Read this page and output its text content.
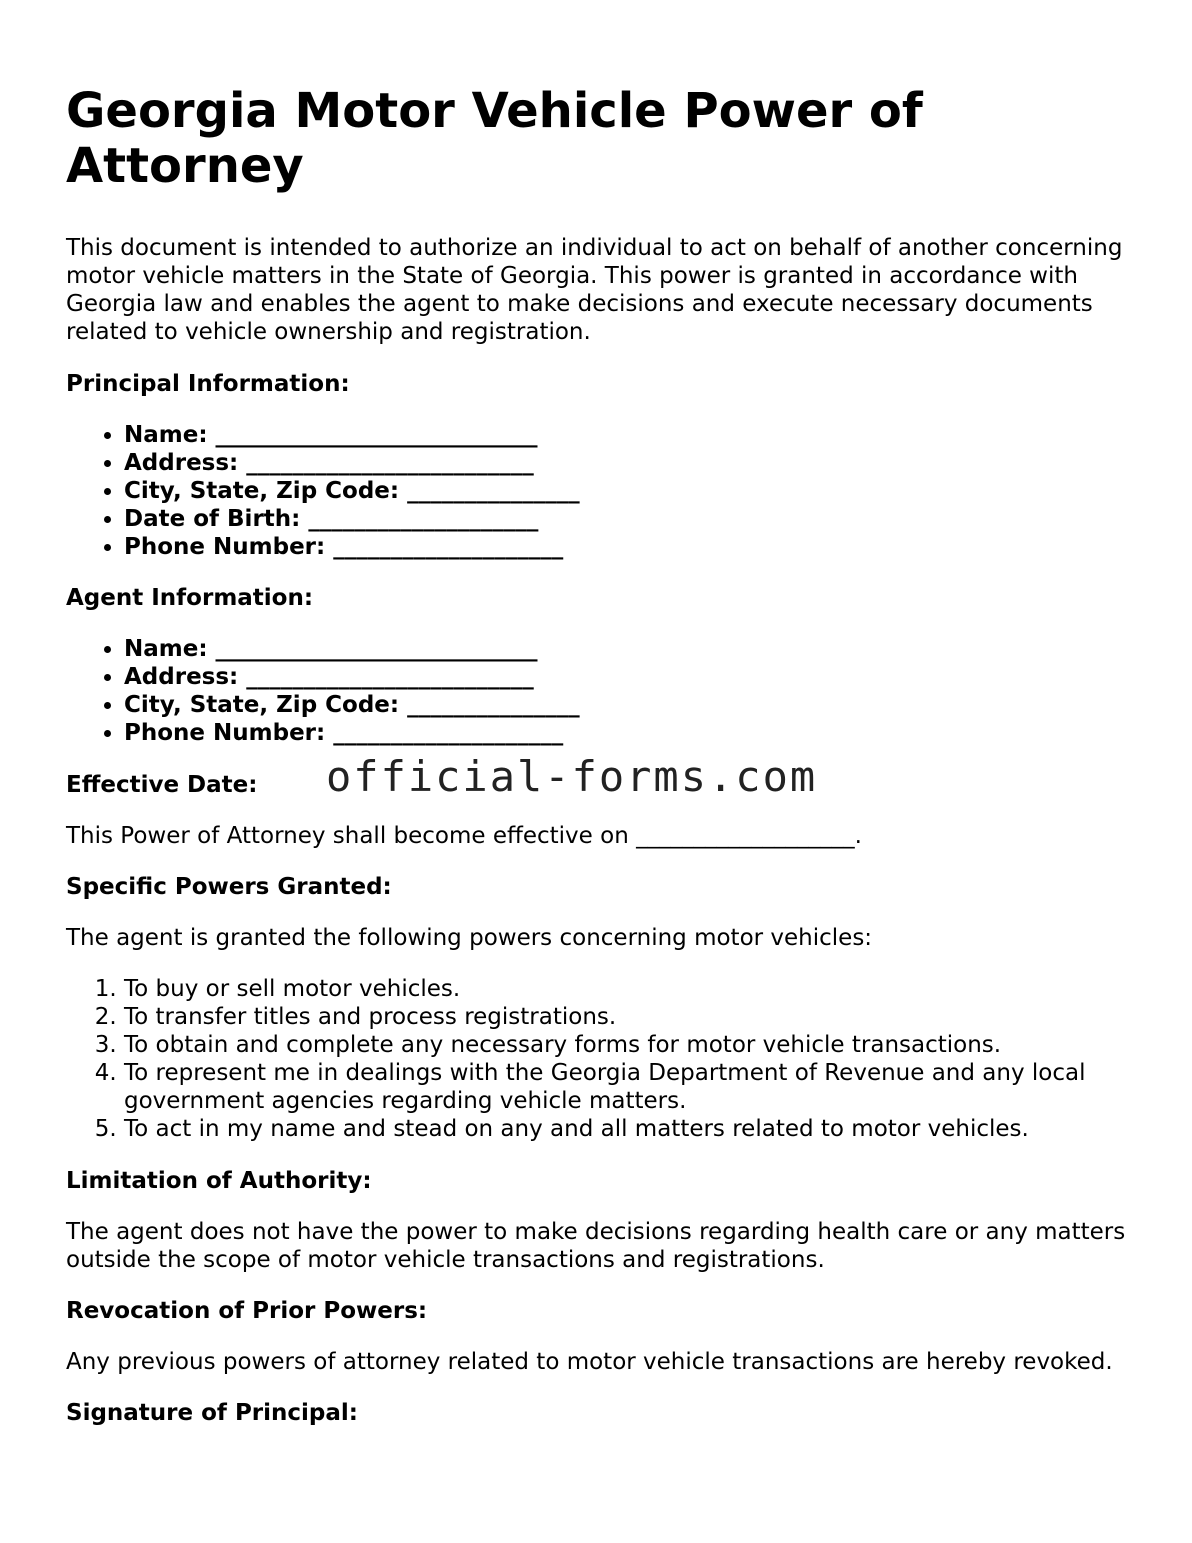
Georgia Motor Vehicle Power of Attorney

This document is intended to authorize an individual to act on behalf of another concerning motor vehicle matters in the State of Georgia. This power is granted in accordance with Georgia law and enables the agent to make decisions and execute necessary documents related to vehicle ownership and registration.

Principal Information:

• Name: ____________________________
• Address: _________________________
• City, State, Zip Code: _______________
• Date of Birth: ____________________
• Phone Number: ____________________

Agent Information:

• Name: ____________________________
• Address: _________________________
• City, State, Zip Code: _______________
• Phone Number: ____________________

Effective Date:

This Power of Attorney shall become effective on ___________________.

Specific Powers Granted:

The agent is granted the following powers concerning motor vehicles:

1. To buy or sell motor vehicles.
2. To transfer titles and process registrations.
3. To obtain and complete any necessary forms for motor vehicle transactions.
4. To represent me in dealings with the Georgia Department of Revenue and any local government agencies regarding vehicle matters.
5. To act in my name and stead on any and all matters related to motor vehicles.

Limitation of Authority:

The agent does not have the power to make decisions regarding health care or any matters outside the scope of motor vehicle transactions and registrations.

Revocation of Prior Powers:

Any previous powers of attorney related to motor vehicle transactions are hereby revoked.

Signature of Principal:

official-forms.com
